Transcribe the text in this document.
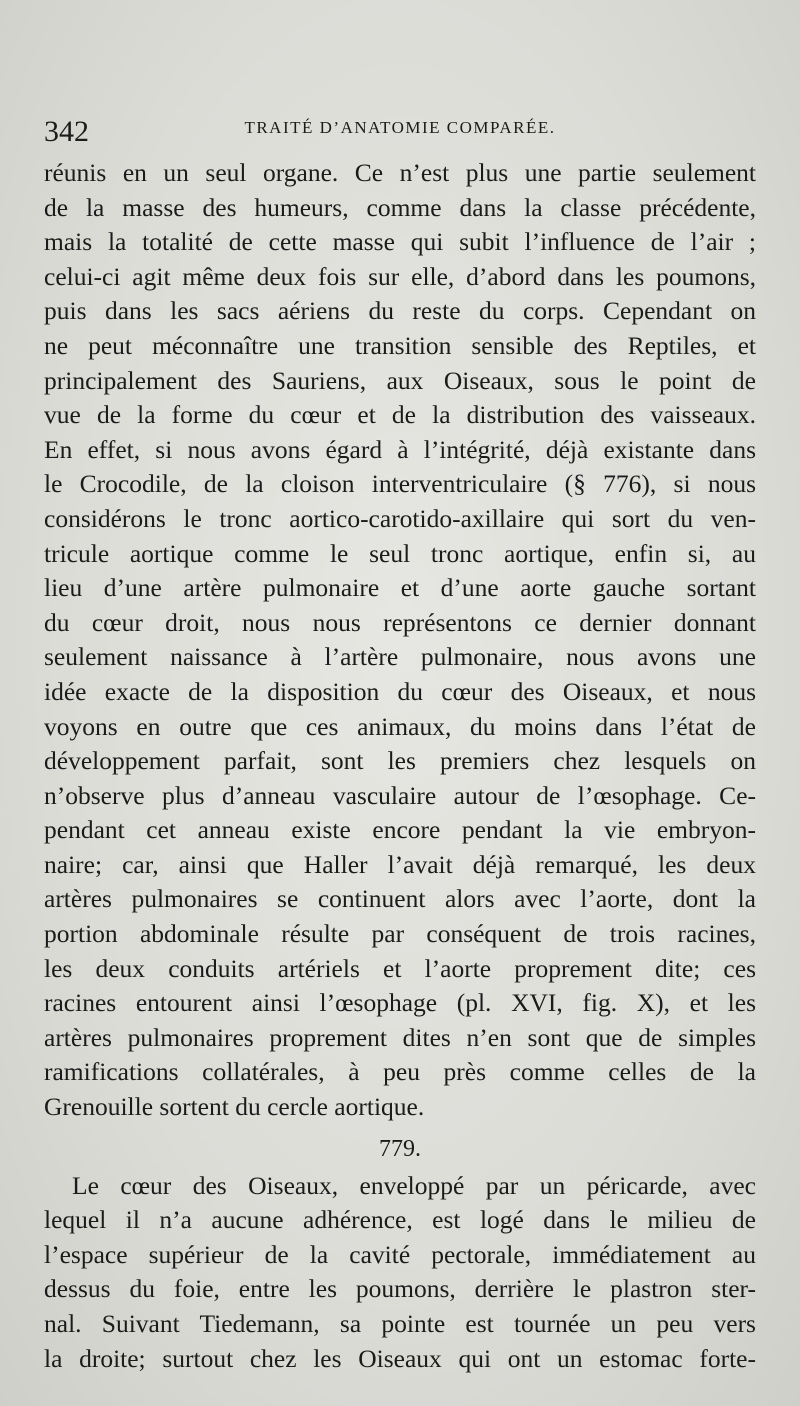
342	TRAITÉ D’ANATOMIE COMPARÉE.
réunis en un seul organe. Ce n’est plus une partie seulement
de la masse des humeurs, comme dans la classe précédente,
mais la totalité de cette masse qui subit l’influence de l’air ;
celui-ci agit même deux fois sur elle, d’abord dans les poumons,
puis dans les sacs aériens du reste du corps. Cependant on
ne peut méconnaître une transition sensible des Reptiles, et
principalement des Sauriens, aux Oiseaux, sous le point de
vue de la forme du cœur et de la distribution des vaisseaux.
En effet, si nous avons égard à l’intégrité, déjà existante dans
le Crocodile, de la cloison interventriculaire (§ 776), si nous
considérons le tronc aortico-carotido-axillaire qui sort du ven-
tricule aortique comme le seul tronc aortique, enfin si, au
lieu d’une artère pulmonaire et d’une aorte gauche sortant
du cœur droit, nous nous représentons ce dernier donnant
seulement naissance à l’artère pulmonaire, nous avons une
idée exacte de la disposition du cœur des Oiseaux, et nous
voyons en outre que ces animaux, du moins dans l’état de
développement parfait, sont les premiers chez lesquels on
n’observe plus d’anneau vasculaire autour de l’œsophage. Ce-
pendant cet anneau existe encore pendant la vie embryon-
naire; car, ainsi que Haller l’avait déjà remarqué, les deux
artères pulmonaires se continuent alors avec l’aorte, dont la
portion abdominale résulte par conséquent de trois racines,
les deux conduits artériels et l’aorte proprement dite; ces
racines entourent ainsi l’œsophage (pl. XVI, fig. X), et les
artères pulmonaires proprement dites n’en sont que de simples
ramifications collatérales, à peu près comme celles de la
Grenouille sortent du cercle aortique.
779.
Le cœur des Oiseaux, enveloppé par un péricarde, avec
lequel il n’a aucune adhérence, est logé dans le milieu de
l’espace supérieur de la cavité pectorale, immédiatement au
dessus du foie, entre les poumons, derrière le plastron ster-
nal. Suivant Tiedemann, sa pointe est tournée un peu vers
la droite; surtout chez les Oiseaux qui ont un estomac forte-
